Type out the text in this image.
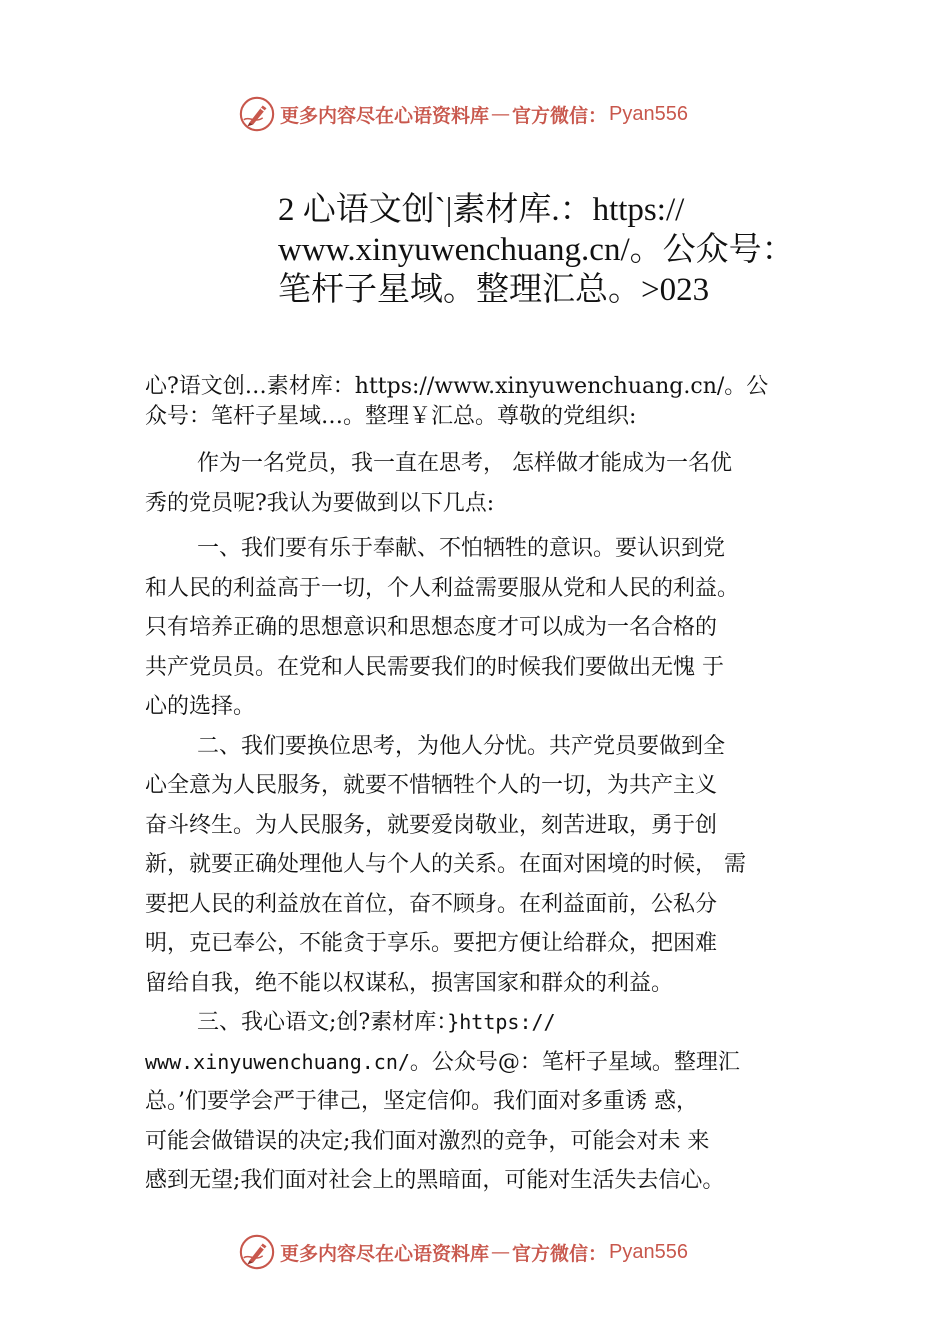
更多内容尽在心语资料库 — 官方微信： Pyan556
2 心语文创`|素材库.：https://
www.xinyuwenchuang.cn/。公众号：
笔杆子星域。整理汇总。>023
心?语文创…素材库：https://www.xinyuwenchuang.cn/。公
众号：笔杆子星域…。整理￥汇总。尊敬的党组织:
作为一名党员，我一直在思考， 怎样做才能成为一名优
秀的党员呢?我认为要做到以下几点:
一、我们要有乐于奉献、不怕牺牲的意识。要认识到党
和人民的利益高于一切，个人利益需要服从党和人民的利益。
只有培养正确的思想意识和思想态度才可以成为一名合格的
共产党员员。在党和人民需要我们的时候我们要做出无愧 于
心的选择。
二、我们要换位思考，为他人分忧。共产党员要做到全
心全意为人民服务，就要不惜牺牲个人的一切，为共产主义
奋斗终生。为人民服务，就要爱岗敬业，刻苦进取，勇于创
新，就要正确处理他人与个人的关系。在面对困境的时候， 需
要把人民的利益放在首位，奋不顾身。在利益面前，公私分
明，克已奉公，不能贪于享乐。要把方便让给群众，把困难
留给自我，绝不能以权谋私，损害国家和群众的利益。
三、我心语文;创?素材库：}https://
www.xinyuwenchuang.cn/。公众号@：笔杆子星域。整理汇
总。’们要学会严于律己，坚定信仰。我们面对多重诱 惑，
可能会做错误的决定;我们面对激烈的竞争，可能会对未 来
感到无望;我们面对社会上的黑暗面，可能对生活失去信心。
更多内容尽在心语资料库 — 官方微信： Pyan556
